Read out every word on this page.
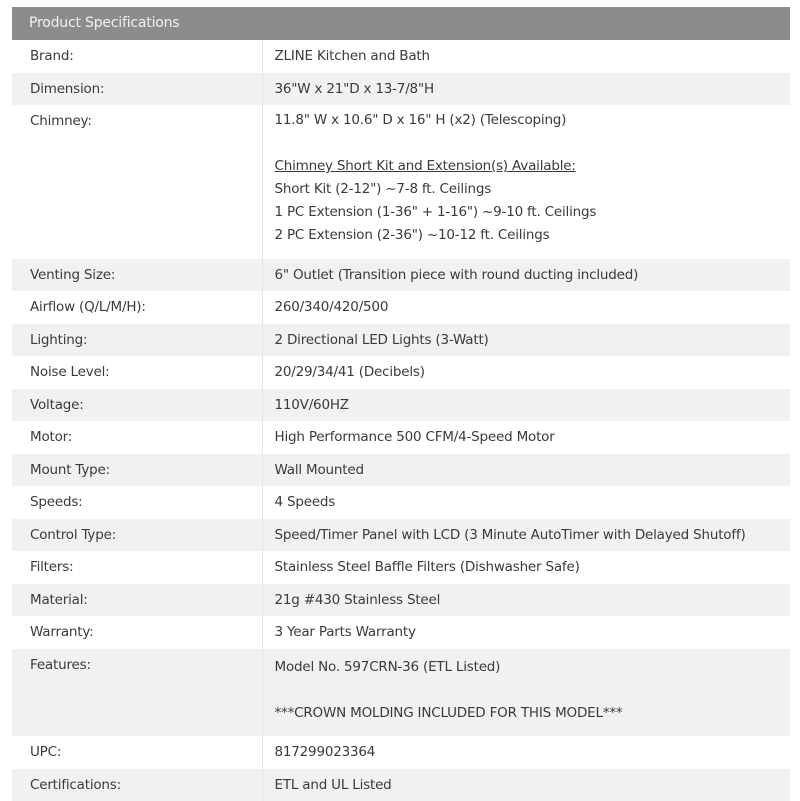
Product Specifications
Brand:	ZLINE Kitchen and Bath

Dimension:	36"W x 21"D x 13-7/8"H

Chimney:	11.8" W x 10.6" D x 16" H (x2) (Telescoping)
Chimney Short Kit and Extension(s) Available:
Short Kit (2-12") ~7-8 ft. Ceilings
1 PC Extension (1-36" + 1-16") ~9-10 ft. Ceilings
2 PC Extension (2-36") ~10-12 ft. Ceilings

Venting Size:	6" Outlet (Transition piece with round ducting included)

Airflow (Q/L/M/H):	260/340/420/500

Lighting:	2 Directional LED Lights (3-Watt)

Noise Level:	20/29/34/41 (Decibels)

Voltage:	110V/60HZ

Motor:	High Performance 500 CFM/4-Speed Motor

Mount Type:	Wall Mounted

Speeds:	4 Speeds

Control Type:	Speed/Timer Panel with LCD (3 Minute AutoTimer with Delayed Shutoff)

Filters:	Stainless Steel Baffle Filters (Dishwasher Safe)

Material:	21g #430 Stainless Steel

Warranty:	3 Year Parts Warranty

Features:	Model No. 597CRN-36 (ETL Listed)
***CROWN MOLDING INCLUDED FOR THIS MODEL***

UPC:	817299023364

Certifications:	ETL and UL Listed
